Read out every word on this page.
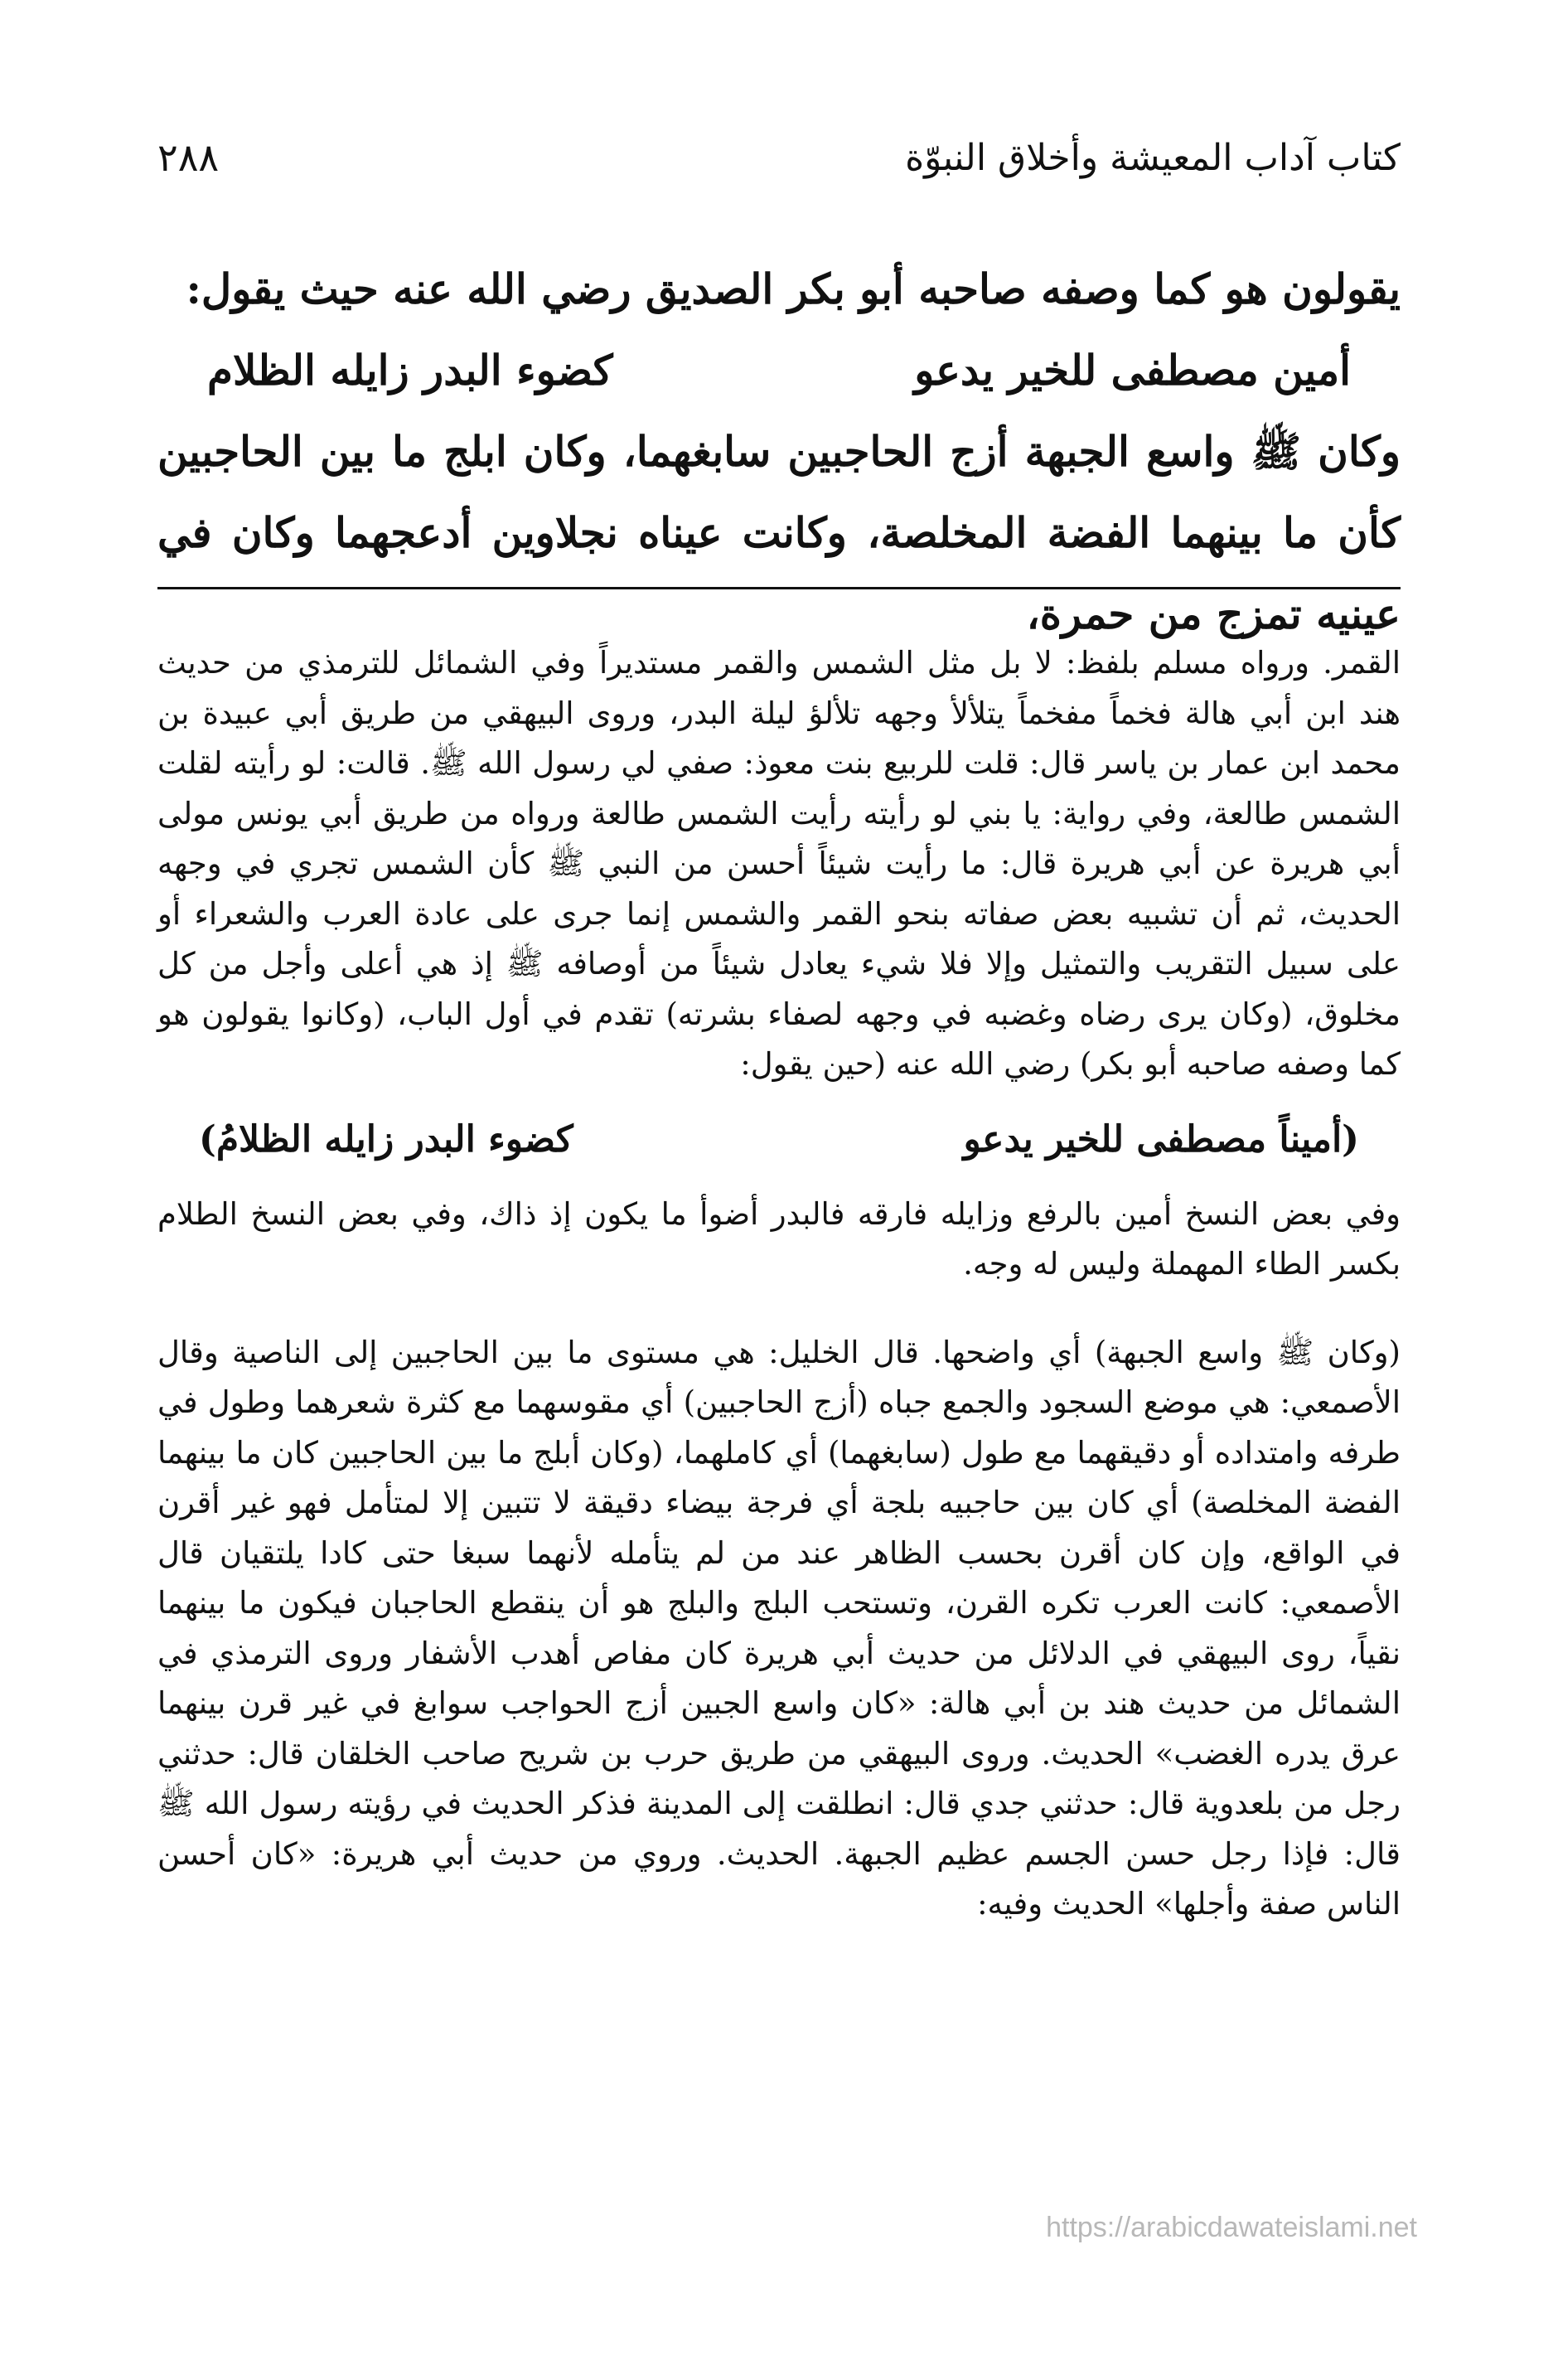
٢٨٨	كتاب آداب المعيشة وأخلاق النبوّة

يقولون هو كما وصفه صاحبه أبو بكر الصديق رضي الله عنه حيث يقول:

أمين مصطفى للخير يدعو
كضوء البدر زايله الظلام

وكان ﷺ واسع الجبهة أزج الحاجبين سابغهما، وكان ابلج ما بين الحاجبين كأن ما بينهما الفضة المخلصة، وكانت عيناه نجلاوين أدعجهما وكان في عينيه تمزج من حمرة،

القمر. ورواه مسلم بلفظ: لا بل مثل الشمس والقمر مستديراً وفي الشمائل للترمذي من حديث هند ابن أبي هالة فخماً مفخماً يتلألأ وجهه تلألؤ ليلة البدر، وروى البيهقي من طريق أبي عبيدة بن محمد ابن عمار بن ياسر قال: قلت للربيع بنت معوذ: صفي لي رسول الله ﷺ. قالت: لو رأيته لقلت الشمس طالعة، وفي رواية: يا بني لو رأيته رأيت الشمس طالعة ورواه من طريق أبي يونس مولى أبي هريرة عن أبي هريرة قال: ما رأيت شيئاً أحسن من النبي ﷺ كأن الشمس تجري في وجهه الحديث، ثم أن تشبيه بعض صفاته بنحو القمر والشمس إنما جرى على عادة العرب والشعراء أو على سبيل التقريب والتمثيل وإلا فلا شيء يعادل شيئاً من أوصافه ﷺ إذ هي أعلى وأجل من كل مخلوق، (وكان يرى رضاه وغضبه في وجهه لصفاء بشرته) تقدم في أول الباب، (وكانوا يقولون هو كما وصفه صاحبه أبو بكر) رضي الله عنه (حين يقول:

(أميناً مصطفى للخير يدعو
كضوء البدر زايله الظلامُ)

وفي بعض النسخ أمين بالرفع وزايله فارقه فالبدر أضوأ ما يكون إذ ذاك، وفي بعض النسخ الطلام بكسر الطاء المهملة وليس له وجه.

(وكان ﷺ واسع الجبهة) أي واضحها. قال الخليل: هي مستوى ما بين الحاجبين إلى الناصية وقال الأصمعي: هي موضع السجود والجمع جباه (أزج الحاجبين) أي مقوسهما مع كثرة شعرهما وطول في طرفه وامتداده أو دقيقهما مع طول (سابغهما) أي كاملهما، (وكان أبلج ما بين الحاجبين كان ما بينهما الفضة المخلصة) أي كان بين حاجبيه بلجة أي فرجة بيضاء دقيقة لا تتبين إلا لمتأمل فهو غير أقرن في الواقع، وإن كان أقرن بحسب الظاهر عند من لم يتأمله لأنهما سبغا حتى كادا يلتقيان قال الأصمعي: كانت العرب تكره القرن، وتستحب البلج والبلج هو أن ينقطع الحاجبان فيكون ما بينهما نقياً، روى البيهقي في الدلائل من حديث أبي هريرة كان مفاص أهدب الأشفار وروى الترمذي في الشمائل من حديث هند بن أبي هالة: «كان واسع الجبين أزج الحواجب سوابغ في غير قرن بينهما عرق يدره الغضب» الحديث. وروى البيهقي من طريق حرب بن شريح صاحب الخلقان قال: حدثني رجل من بلعدوية قال: حدثني جدي قال: انطلقت إلى المدينة فذكر الحديث في رؤيته رسول الله ﷺ قال: فإذا رجل حسن الجسم عظيم الجبهة. الحديث. وروي من حديث أبي هريرة: «كان أحسن الناس صفة وأجلها» الحديث وفيه:

https://arabicdawateislami.net
